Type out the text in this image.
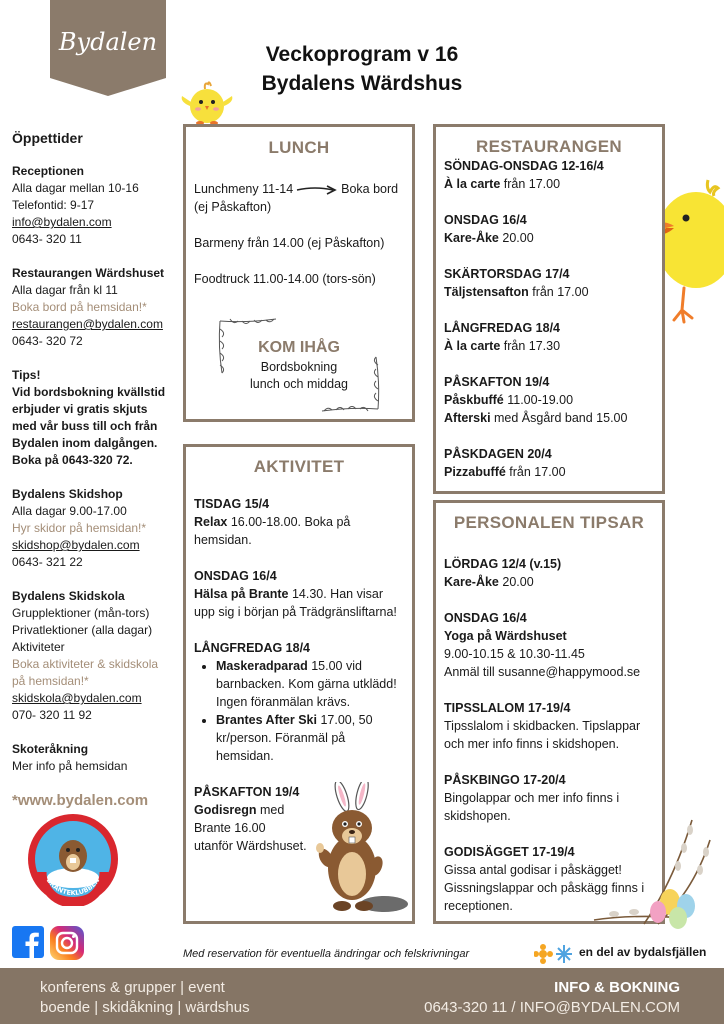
Bydalen	Veckoprogram v 16
Bydalens Wärdshus
Öppettider
Receptionen
Alla dagar mellan 10-16
Telefontid: 9-17
info@bydalen.com
0643- 320 11
Restaurangen Wärdshuset
Alla dagar från kl 11
Boka bord på hemsidan!*
restaurangen@bydalen.com
0643- 320 72
Tips!
Vid bordsbokning kvällstid erbjuder vi gratis skjuts med vår buss till och från Bydalen inom dalgången. Boka på 0643-320 72.
Bydalens Skidshop
Alla dagar 9.00-17.00
Hyr skidor på hemsidan!*
skidshop@bydalen.com
0643- 321 22
Bydalens Skidskola
Grupplektioner (mån-tors)
Privatlektioner (alla dagar)
Aktiviteter
Boka aktiviteter & skidskola på hemsidan!*
skidskola@bydalen.com
070- 320 11 92
Skoteråkning
Mer info på hemsidan
*www.bydalen.com
BRANTEKLUBBEN
LUNCH
Lunchmeny 11-14	Boka bord
(ej Påskafton)
Barmeny från 14.00 (ej Påskafton)
Foodtruck 11.00-14.00 (tors-sön)
KOM IHÅG
Bordsbokning
lunch och middag
RESTAURANGEN
SÖNDAG-ONSDAG 12-16/4
À la carte från 17.00
ONSDAG 16/4
Kare-Åke 20.00
SKÄRTORSDAG 17/4
Täljstensafton från 17.00
LÅNGFREDAG 18/4
À la carte från 17.30
PÅSKAFTON 19/4
Påskbuffé 11.00-19.00
Afterski med Åsgård band 15.00
PÅSKDAGEN 20/4
Pizzabuffé från 17.00
AKTIVITET
TISDAG 15/4
Relax 16.00-18.00. Boka på hemsidan.
ONSDAG 16/4
Hälsa på Brante 14.30. Han visar upp sig i början på Trädgränsliftarna!
LÅNGFREDAG 18/4
• Maskeradparad 15.00 vid barnbacken. Kom gärna utklädd! Ingen föranmälan krävs.
• Brantes After Ski 17.00, 50 kr/person. Föranmäl på hemsidan.
PÅSKAFTON 19/4
Godisregn med
Brante 16.00
utanför Wärdshuset.
PERSONALEN TIPSAR
LÖRDAG 12/4 (v.15)
Kare-Åke 20.00
ONSDAG 16/4
Yoga på Wärdshuset
9.00-10.15 & 10.30-11.45
Anmäl till susanne@happymood.se
TIPSSLALOM 17-19/4
Tipsslalom i skidbacken. Tipslappar och mer info finns i skidshopen.
PÅSKBINGO 17-20/4
Bingolappar och mer info finns i skidshopen.
GODISÄGGET 17-19/4
Gissa antal godisar i påskägget! Gissningslappar och påskägg finns i receptionen.
Med reservation för eventuella ändringar och felskrivningar	en del av bydalsfjällen
konferens & grupper | event
boende | skidåkning | wärdshus
INFO & BOKNING
0643-320 11 / INFO@BYDALEN.COM
